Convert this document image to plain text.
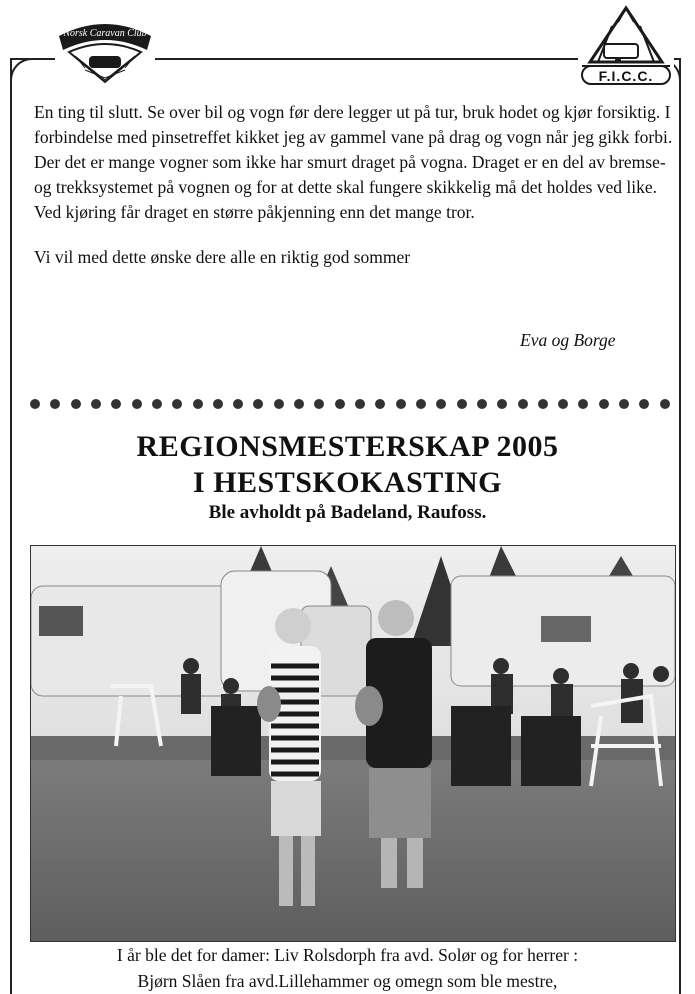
Norsk Caravan Club
F.I.C.C.

En ting til slutt. Se over bil og vogn før dere legger ut på tur, bruk hodet og kjør forsiktig. I forbindelse med pinsetreffet kikket jeg av gammel vane på drag og vogn når jeg gikk forbi. Der det er mange vogner som ikke har smurt draget på vogna. Draget er en del av bremse- og trekksystemet på vognen og for at dette skal fungere skikkelig må det holdes ved like. Ved kjøring får draget en større påkjenning enn det mange tror.

Vi vil med dette ønske dere alle en riktig god sommer

Eva og Borge
REGIONSMESTERSKAP 2005
I HESTSKOKASTING
Ble avholdt på Badeland, Raufoss.
I år ble det for damer: Liv Rolsdorph fra avd. Solør og for herrer :
Bjørn Slåen fra avd.Lillehammer og omegn som ble mestre,
